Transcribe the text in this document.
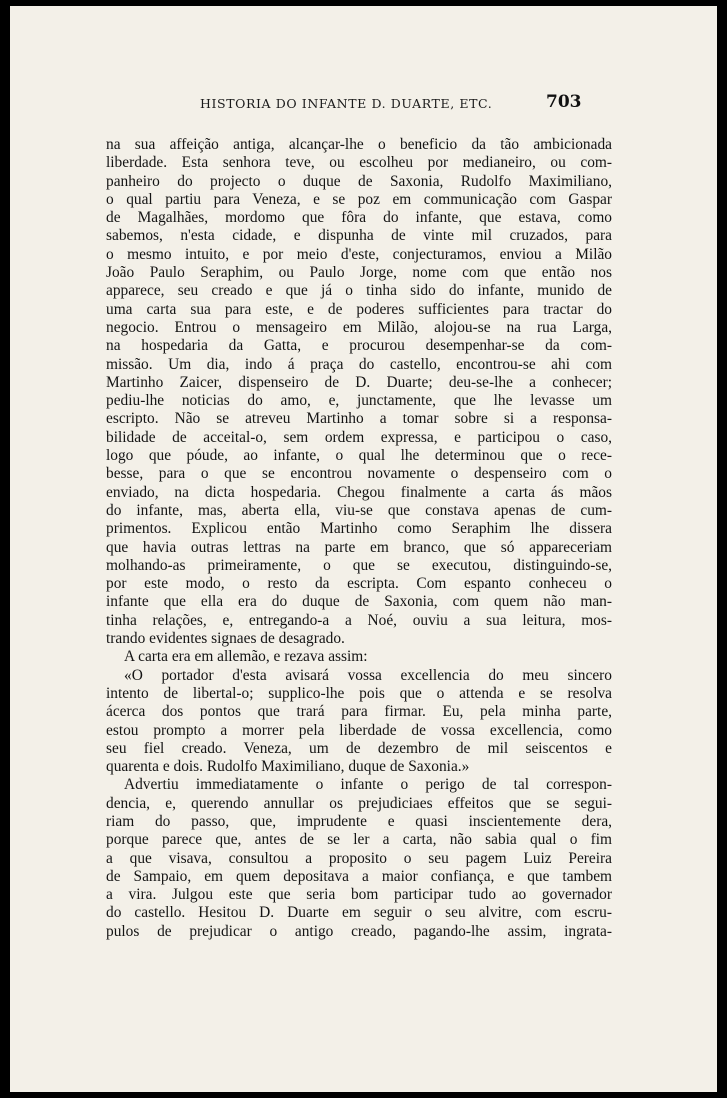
HISTORIA DO INFANTE D. DUARTE, ETC.	703
na sua affeição antiga, alcançar-lhe o beneficio da tão ambicionada
liberdade. Esta senhora teve, ou escolheu por medianeiro, ou com-
panheiro do projecto o duque de Saxonia, Rudolfo Maximiliano,
o qual partiu para Veneza, e se poz em communicação com Gaspar
de Magalhães, mordomo que fôra do infante, que estava, como
sabemos, n'esta cidade, e dispunha de vinte mil cruzados, para
o mesmo intuito, e por meio d'este, conjecturamos, enviou a Milão
João Paulo Seraphim, ou Paulo Jorge, nome com que então nos
apparece, seu creado e que já o tinha sido do infante, munido de
uma carta sua para este, e de poderes sufficientes para tractar do
negocio. Entrou o mensageiro em Milão, alojou-se na rua Larga,
na hospedaria da Gatta, e procurou desempenhar-se da com-
missão. Um dia, indo á praça do castello, encontrou-se ahi com
Martinho Zaicer, dispenseiro de D. Duarte; deu-se-lhe a conhecer;
pediu-lhe noticias do amo, e, junctamente, que lhe levasse um
escripto. Não se atreveu Martinho a tomar sobre si a responsa-
bilidade de acceital-o, sem ordem expressa, e participou o caso,
logo que póude, ao infante, o qual lhe determinou que o rece-
besse, para o que se encontrou novamente o despenseiro com o
enviado, na dicta hospedaria. Chegou finalmente a carta ás mãos
do infante, mas, aberta ella, viu-se que constava apenas de cum-
primentos. Explicou então Martinho como Seraphim lhe dissera
que havia outras lettras na parte em branco, que só appareceriam
molhando-as primeiramente, o que se executou, distinguindo-se,
por este modo, o resto da escripta. Com espanto conheceu o
infante que ella era do duque de Saxonia, com quem não man-
tinha relações, e, entregando-a a Noé, ouviu a sua leitura, mos-
trando evidentes signaes de desagrado.
A carta era em allemão, e rezava assim:
«O portador d'esta avisará vossa excellencia do meu sincero
intento de libertal-o; supplico-lhe pois que o attenda e se resolva
ácerca dos pontos que trará para firmar. Eu, pela minha parte,
estou prompto a morrer pela liberdade de vossa excellencia, como
seu fiel creado. Veneza, um de dezembro de mil seiscentos e
quarenta e dois. Rudolfo Maximiliano, duque de Saxonia.»
Advertiu immediatamente o infante o perigo de tal correspon-
dencia, e, querendo annullar os prejudiciaes effeitos que se segui-
riam do passo, que, imprudente e quasi inscientemente dera,
porque parece que, antes de se ler a carta, não sabia qual o fim
a que visava, consultou a proposito o seu pagem Luiz Pereira
de Sampaio, em quem depositava a maior confiança, e que tambem
a vira. Julgou este que seria bom participar tudo ao governador
do castello. Hesitou D. Duarte em seguir o seu alvitre, com escru-
pulos de prejudicar o antigo creado, pagando-lhe assim, ingrata-
